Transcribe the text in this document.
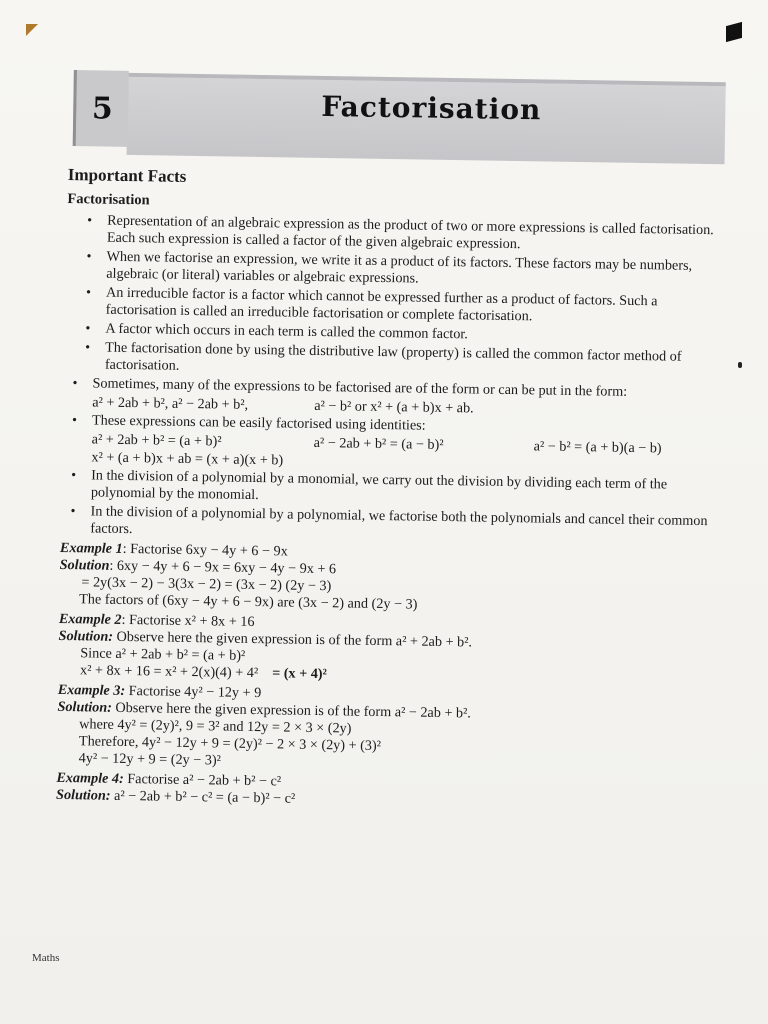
5	Factorisation
Important Facts
Factorisation
• Representation of an algebraic expression as the product of two or more expressions is called factorisation. Each such expression is called a factor of the given algebraic expression.
• When we factorise an expression, we write it as a product of its factors. These factors may be numbers, algebraic (or literal) variables or algebraic expressions.
• An irreducible factor is a factor which cannot be expressed further as a product of factors. Such a factorisation is called an irreducible factorisation or complete factorisation.
• A factor which occurs in each term is called the common factor.
• The factorisation done by using the distributive law (property) is called the common factor method of factorisation.
• Sometimes, many of the expressions to be factorised are of the form or can be put in the form:
a² + 2ab + b², a² − 2ab + b²,	a² − b² or x² + (a + b)x + ab.
• These expressions can be easily factorised using identities:
a² + 2ab + b² = (a + b)²	a² − 2ab + b² = (a − b)²	a² − b² = (a + b)(a − b)
x² + (a + b)x + ab = (x + a)(x + b)
• In the division of a polynomial by a monomial, we carry out the division by dividing each term of the polynomial by the monomial.
• In the division of a polynomial by a polynomial, we factorise both the polynomials and cancel their common factors.
Example 1: Factorise 6xy − 4y + 6 − 9x
Solution: 6xy − 4y + 6 − 9x = 6xy − 4y − 9x + 6
= 2y(3x − 2) − 3(3x − 2) = (3x − 2) (2y − 3)
The factors of (6xy − 4y + 6 − 9x) are (3x − 2) and (2y − 3)
Example 2: Factorise x² + 8x + 16
Solution: Observe here the given expression is of the form a² + 2ab + b².
Since a² + 2ab + b² = (a + b)²
x² + 8x + 16 = x² + 2(x)(4) + 4² = (x + 4)²
Example 3: Factorise 4y² − 12y + 9
Solution: Observe here the given expression is of the form a² − 2ab + b².
where 4y² = (2y)², 9 = 3² and 12y = 2 × 3 × (2y)
Therefore, 4y² − 12y + 9 = (2y)² − 2 × 3 × (2y) + (3)²
4y² − 12y + 9 = (2y − 3)²
Example 4: Factorise a² − 2ab + b² − c²
Solution: a² − 2ab + b² − c² = (a − b)² − c²
Maths
